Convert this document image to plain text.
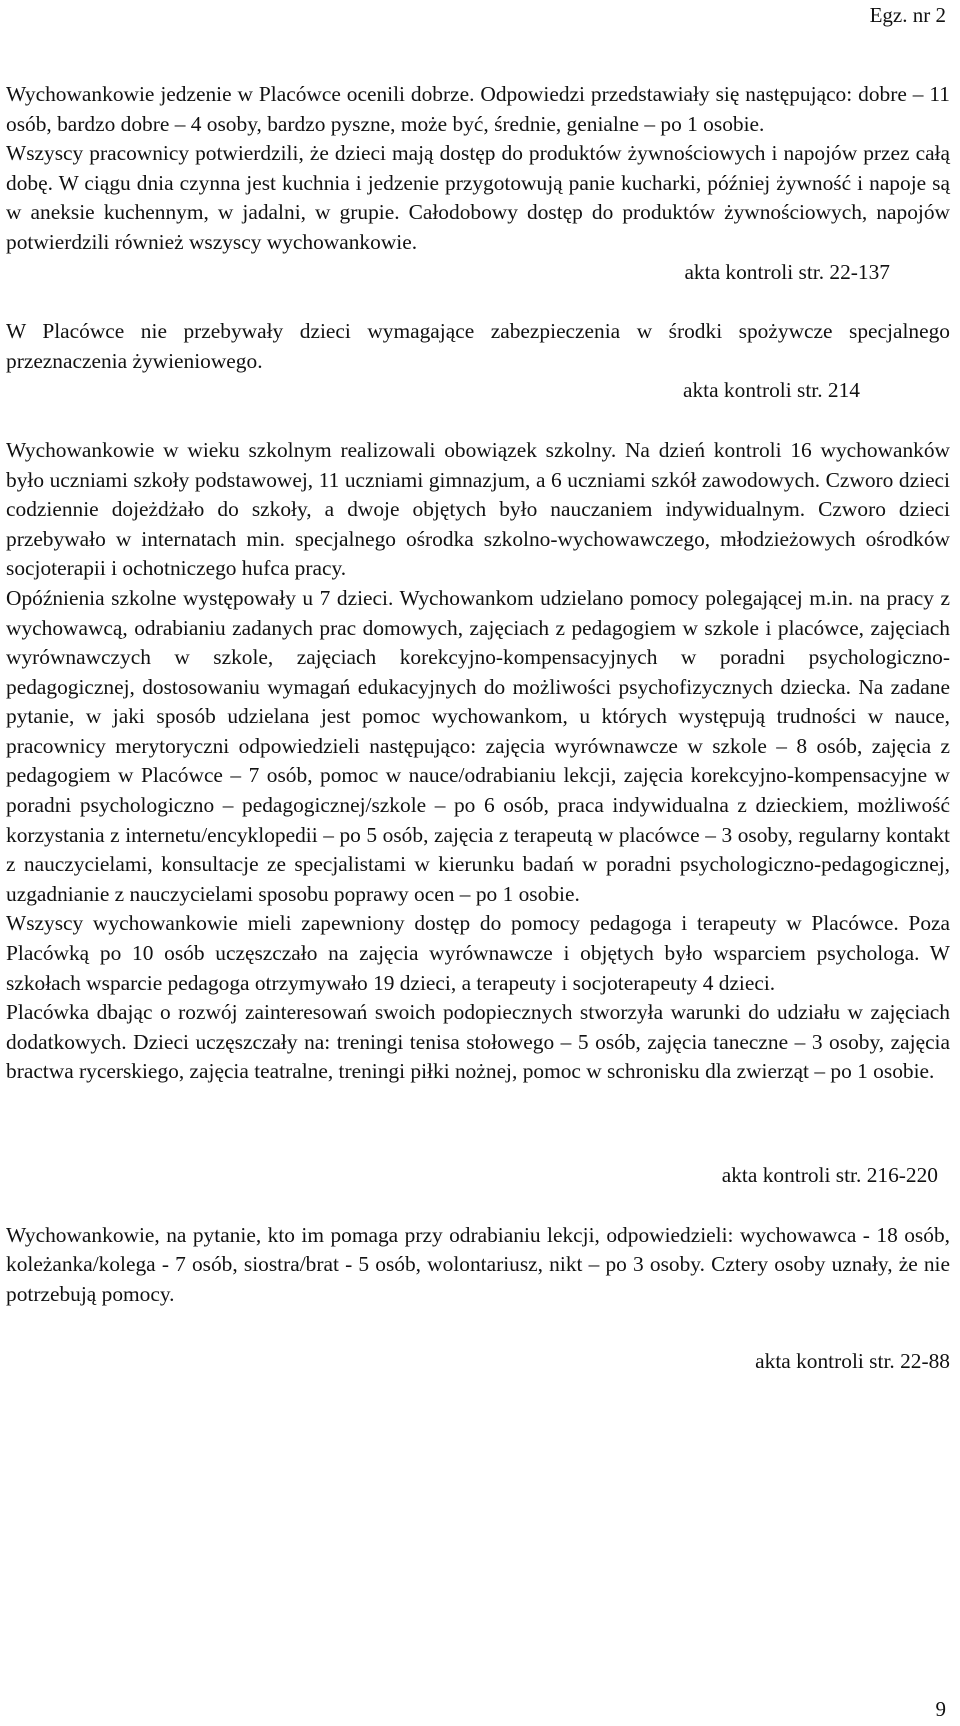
Egz. nr 2

Wychowankowie jedzenie w Placówce ocenili dobrze. Odpowiedzi przedstawiały się następująco: dobre – 11 osób, bardzo dobre – 4 osoby, bardzo pyszne, może być, średnie, genialne – po 1 osobie.

Wszyscy pracownicy potwierdzili, że dzieci mają dostęp do produktów żywnościowych i napojów przez całą dobę. W ciągu dnia czynna jest kuchnia i jedzenie przygotowują panie kucharki, później żywność i napoje są w aneksie kuchennym, w jadalni, w grupie. Całodobowy dostęp do produktów żywnościowych, napojów potwierdzili również wszyscy wychowankowie.

akta kontroli str. 22-137

W Placówce nie przebywały dzieci wymagające zabezpieczenia w środki spożywcze specjalnego przeznaczenia żywieniowego.

akta kontroli str. 214

Wychowankowie w wieku szkolnym realizowali obowiązek szkolny. Na dzień kontroli 16 wychowanków było uczniami szkoły podstawowej, 11 uczniami gimnazjum, a 6 uczniami szkół zawodowych. Czworo dzieci codziennie dojeżdżało do szkoły, a dwoje objętych było nauczaniem indywidualnym. Czworo dzieci przebywało w internatach min. specjalnego ośrodka szkolno-wychowawczego, młodzieżowych ośrodków socjoterapii i ochotniczego hufca pracy.

Opóźnienia szkolne występowały u 7 dzieci. Wychowankom udzielano pomocy polegającej m.in. na pracy z wychowawcą, odrabianiu zadanych prac domowych, zajęciach z pedagogiem w szkole i placówce, zajęciach wyrównawczych w szkole, zajęciach korekcyjno-kompensacyjnych w poradni psychologiczno-pedagogicznej, dostosowaniu wymagań edukacyjnych do możliwości psychofizycznych dziecka. Na zadane pytanie, w jaki sposób udzielana jest pomoc wychowankom, u których występują trudności w nauce, pracownicy merytoryczni odpowiedzieli następująco: zajęcia wyrównawcze w szkole – 8 osób, zajęcia z pedagogiem w Placówce – 7 osób, pomoc w nauce/odrabianiu lekcji, zajęcia korekcyjno-kompensacyjne w poradni psychologiczno – pedagogicznej/szkole – po 6 osób, praca indywidualna z dzieckiem, możliwość korzystania z internetu/encyklopedii – po 5 osób, zajęcia z terapeutą w placówce – 3 osoby, regularny kontakt z nauczycielami, konsultacje ze specjalistami w kierunku badań w poradni psychologiczno-pedagogicznej, uzgadnianie z nauczycielami sposobu poprawy ocen – po 1 osobie.

Wszyscy wychowankowie mieli zapewniony dostęp do pomocy pedagoga i terapeuty w Placówce. Poza Placówką po 10 osób uczęszczało na zajęcia wyrównawcze i objętych było wsparciem psychologa. W szkołach wsparcie pedagoga otrzymywało 19 dzieci, a terapeuty i socjoterapeuty 4 dzieci.

Placówka dbając o rozwój zainteresowań swoich podopiecznych stworzyła warunki do udziału w zajęciach dodatkowych. Dzieci uczęszczały na: treningi tenisa stołowego – 5 osób, zajęcia taneczne – 3 osoby, zajęcia bractwa rycerskiego, zajęcia teatralne, treningi piłki nożnej, pomoc w schronisku dla zwierząt – po 1 osobie.

akta kontroli str. 216-220

Wychowankowie, na pytanie, kto im pomaga przy odrabianiu lekcji, odpowiedzieli: wychowawca - 18 osób, koleżanka/kolega - 7 osób, siostra/brat - 5 osób, wolontariusz, nikt – po 3 osoby. Cztery osoby uznały, że nie potrzebują pomocy.

akta kontroli str. 22-88

9
